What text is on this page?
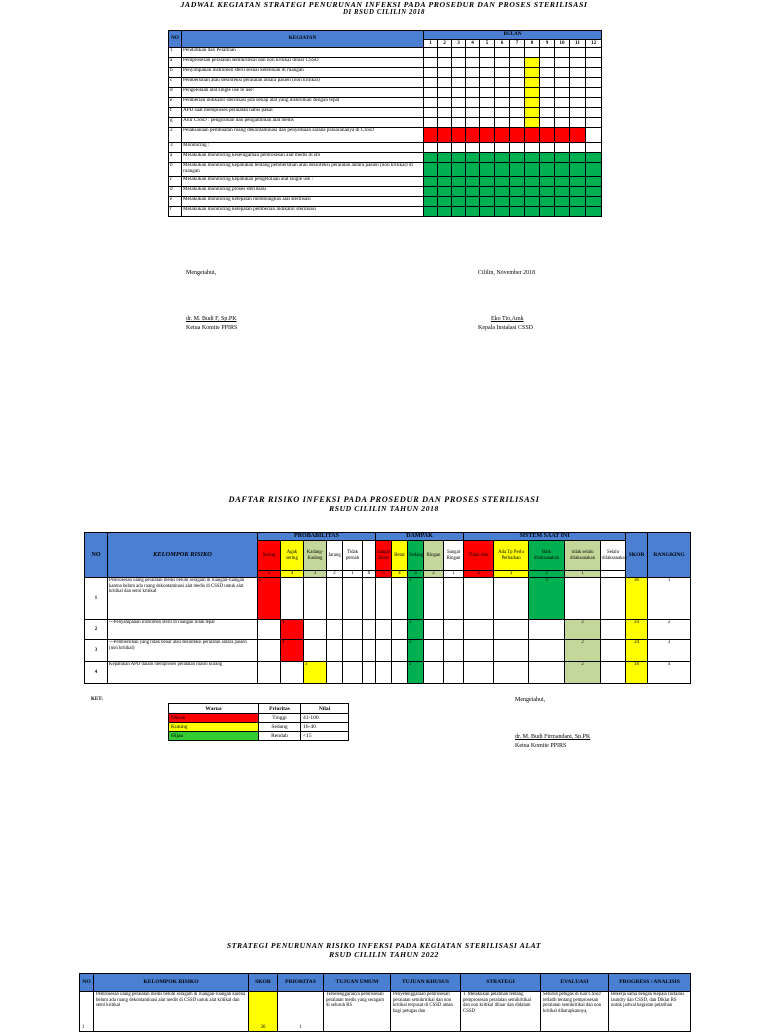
JADWAL KEGIATAN STRATEGI PENURUNAN INFEKSI PADA PROSEDUR DAN PROSES STERILISASI
DI RSUD CILILIN 2018
NO	KEGIATAN	BULAN											
		1	2	3	4	5	6	7	8	9	10	11	12
1	Pendidikan dan Pelatihan												
a	Pemprosesan peralatan semikritikal dan non kritikal diluar CSSD												
b	Penyimpanan instrumen steril sesuai ketentuan di ruangan												
c	Pembersihan atau desinfeksi peralatan antara pasien (non kritikal)												
d	Pengelolaan alat single use re use:												
e	Pemberian indikator sterilisasi pda setiap alat yang disterilkan dengan tepat												
f	APD saat memproses peralatan habis pakai												
g	Alur CSSD : pengiriman dan pengambilan alat medis												
2	Pelaksanaan pembuatan ruang dekontaminasi dan penyediaan sarana prasarananya di CSSD												
3	Monitoring :												
a	Melakukan monitoring keseragaman pemrosesan alat medis di RS												
b	Melakukan monitoring kepatuhan tentang pembersihan atau desinfeksi peralatan antara pasien (non kritikal) di ruangan												
c	Melakukan monitoring kepatuhan pengelolaan alat single use :												
d	Melakukan monitoring proses sterilisasi												
e	Melakukan monitoring ketepatan membungkus alat sterilisasi												
f	Melakukan monitoring ketepatan pemberian indikator sterilisasi												
Mengetahui,	Cililin, November 2018
dr. M. Budi F, Sp.PK
Ketua Komite PPIRS
Eko Tio,Amk
Kepala Instalasi CSSD
DAFTAR RISIKO INFEKSI PADA PROSEDUR DAN PROSES STERILISASI
RSUD CILILIN TAHUN 2018
NO	KELOMPOK RISIKO	PROBABILITAS						DAMPAK					SISTEM SAAT INI					SKOR	RANGKING
		Sering	Agak sering	Kadang-Kadang	Jarang	Tidak pernah		Sangat Berat	Berat	Sedang	Ringan	Sangat Ringan	Tidak Ada	Ada Tp Perlu Perbaikan	Baik dilaksanakan	tidak selalu dilaksanakan	Selalu dilaksanakan		
		5	4	3	2	1	0	5	4	3	2	1	4	3	2	1			
1	Pemrosesan ulang peralatan medis belum seragam di ruangan-ruangan karena belum ada ruang dekontaminasi alat medis di CSSD untuk alat kritikal dan semi kritikal	5								3					3			36	1
2	---Penyampanan instrumen steril di ruangan tidak tepat		4							3						2		24	2
3	---Pembersihan yang tidak benar atau desinfeksi peralatan antara pasien (non kritikal)		4							3						2		24	3
4	Kepatuhan APD dalam memproses peralatan masih kurang			3						3						2		18	4
KET:
Warna	Prioritas	Nilai
Merah	Tinggi	41-100
Kuning	Sedang	16-40
Hijau	Rendah	<15
Mengetahui,
dr. M. Budi Firmandani, Sp.PK
Ketua Komite PPIRS
STRATEGI PENURUNAN RISIKO INFEKSI PADA KEGIATAN STERILISASI ALAT
RSUD CILILIN TAHUN 2022
NO	KELOMPOK RISIKO	SKOR	PRIORITAS	TUJUAN UMUM	TUJUAN KHUSUS	STRATEGI	EVALUASI	PROGRESS / ANALISIS
1	Pemrosesan ulang peralatan medis belum seragam di ruangan-ruangan karena belum ada ruang dekontaminasi alat medis di CSSD untuk alat kritikal dan semi kritikal	36	1	Terselenggaranya pemrosesan peralatan medis yang seragam di seluruh RS	Penyelenggaraan pemrosesan peralatan semikritikal dan non kritikal terpusat di CSSD aman bagi petugas dan	1. Melakukan pelatihan tentang pemprosesan peralatan semikritikal dan non kritikal diluar dan didalam CSSD	Seluruh petugas di luar CSSD terlatih tentang pemprosesan peralatan semikritikal dan non kritikal diharapkannya,	Bekerja sama dengan Kepala Instalasi laundry dan CSSD, dan Diklat RS untuk jadwal kegiatan pelatihan
